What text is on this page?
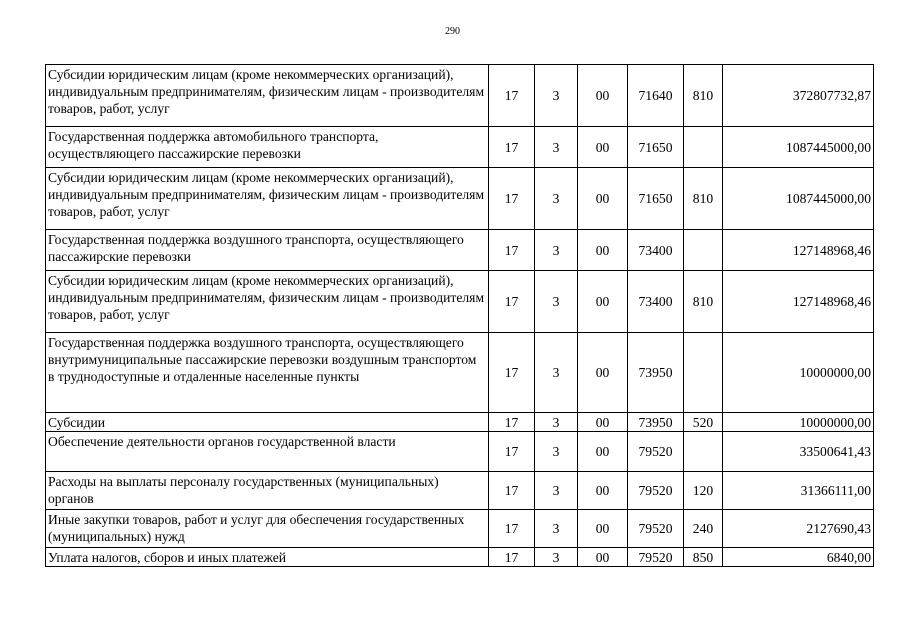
290
Субсидии юридическим лицам (кроме некоммерческих организаций), индивидуальным предпринимателям, физическим лицам - производителям товаров, работ, услуг	17	3	00	71640	810	372807732,87
Государственная поддержка автомобильного транспорта, осуществляющего пассажирские перевозки	17	3	00	71650		1087445000,00
Субсидии юридическим лицам (кроме некоммерческих организаций), индивидуальным предпринимателям, физическим лицам - производителям товаров, работ, услуг	17	3	00	71650	810	1087445000,00
Государственная поддержка воздушного транспорта, осуществляющего пассажирские перевозки	17	3	00	73400		127148968,46
Субсидии юридическим лицам (кроме некоммерческих организаций), индивидуальным предпринимателям, физическим лицам - производителям товаров, работ, услуг	17	3	00	73400	810	127148968,46
Государственная поддержка воздушного транспорта, осуществляющего внутримуниципальные пассажирские перевозки воздушным транспортом в труднодоступные и отдаленные населенные пункты	17	3	00	73950		10000000,00
Субсидии	17	3	00	73950	520	10000000,00
Обеспечение деятельности органов государственной власти	17	3	00	79520		33500641,43
Расходы на выплаты персоналу государственных (муниципальных) органов	17	3	00	79520	120	31366111,00
Иные закупки товаров, работ и услуг для обеспечения государственных (муниципальных) нужд	17	3	00	79520	240	2127690,43
Уплата налогов, сборов и иных платежей	17	3	00	79520	850	6840,00
